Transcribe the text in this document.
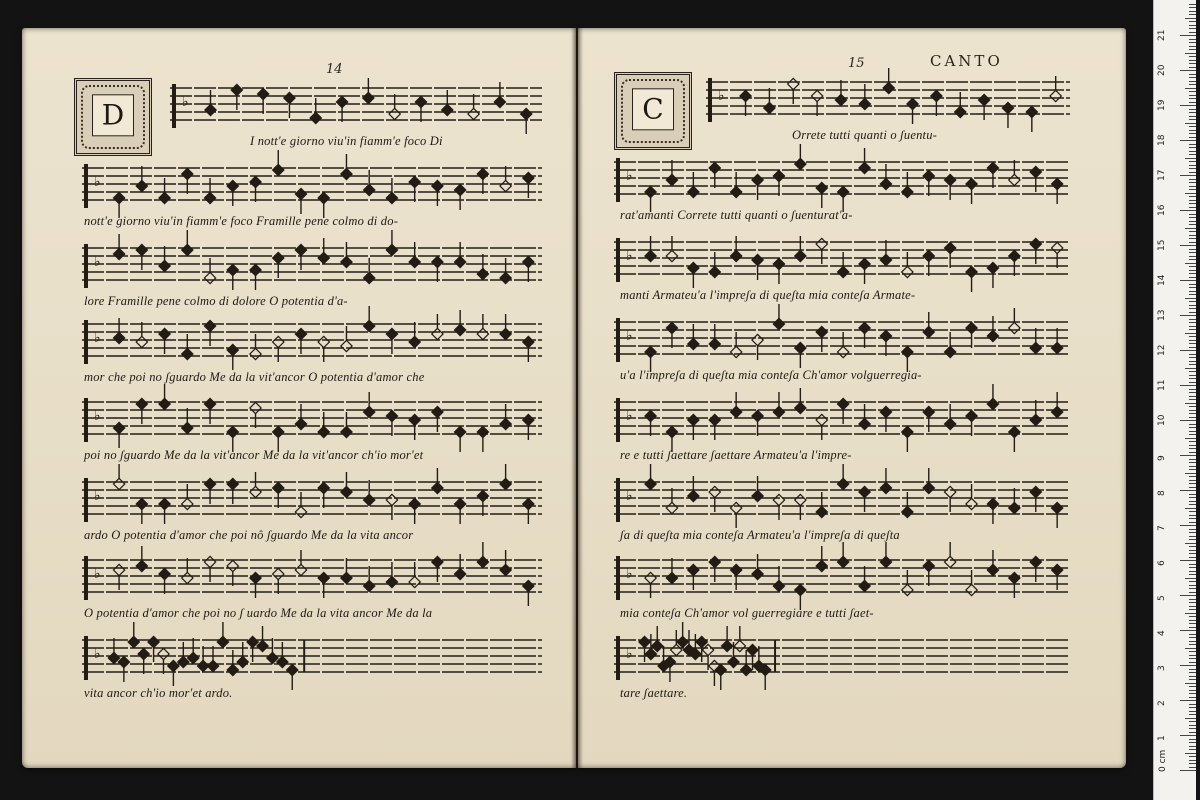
14	15	CANTO
D	C
♭
I nott'e giorno viu'in fiamm'e foco Di
♭
nott'e giorno viu'in fiamm'e foco Framille pene colmo di do-
♭
lore Framille pene colmo di dolore O potentia d'a-
♭
mor che poi no ʃguardo Me da la vit'ancor O potentia d'amor che
♭
poi no ʃguardo Me da la vit'ancor Me da la vit'ancor ch'io mor'et
♭
ardo O potentia d'amor che poi nô ʃguardo Me da la vita ancor
♭
O potentia d'amor che poi no ʃ uardo Me da la vita ancor Me da la
♭
vita ancor ch'io mor'et ardo.
♭
Orrete tutti quanti o ʃuentu-
♭
rat'amanti Correte tutti quanti o ʃuenturat'a-
♭
manti Armateu'a l'impreʃa di queʃta mia conteʃa Armate-
♭
u'a l'impreʃa di queʃta mia conteʃa Ch'amor volguerregia-
♭
re e tutti ʃaettare ʃaettare Armateu'a l'impre-
♭
ʃa di queʃta mia conteʃa Armateu'a l'impreʃa di queʃta
♭
mia conteʃa Ch'amor vol guerregiare e tutti ʃaet-
♭
tare ʃaettare.
0 cm
1
2
3
4
5
6
7
8
9
10
11
12
13
14
15
16
17
18
19
20
21
